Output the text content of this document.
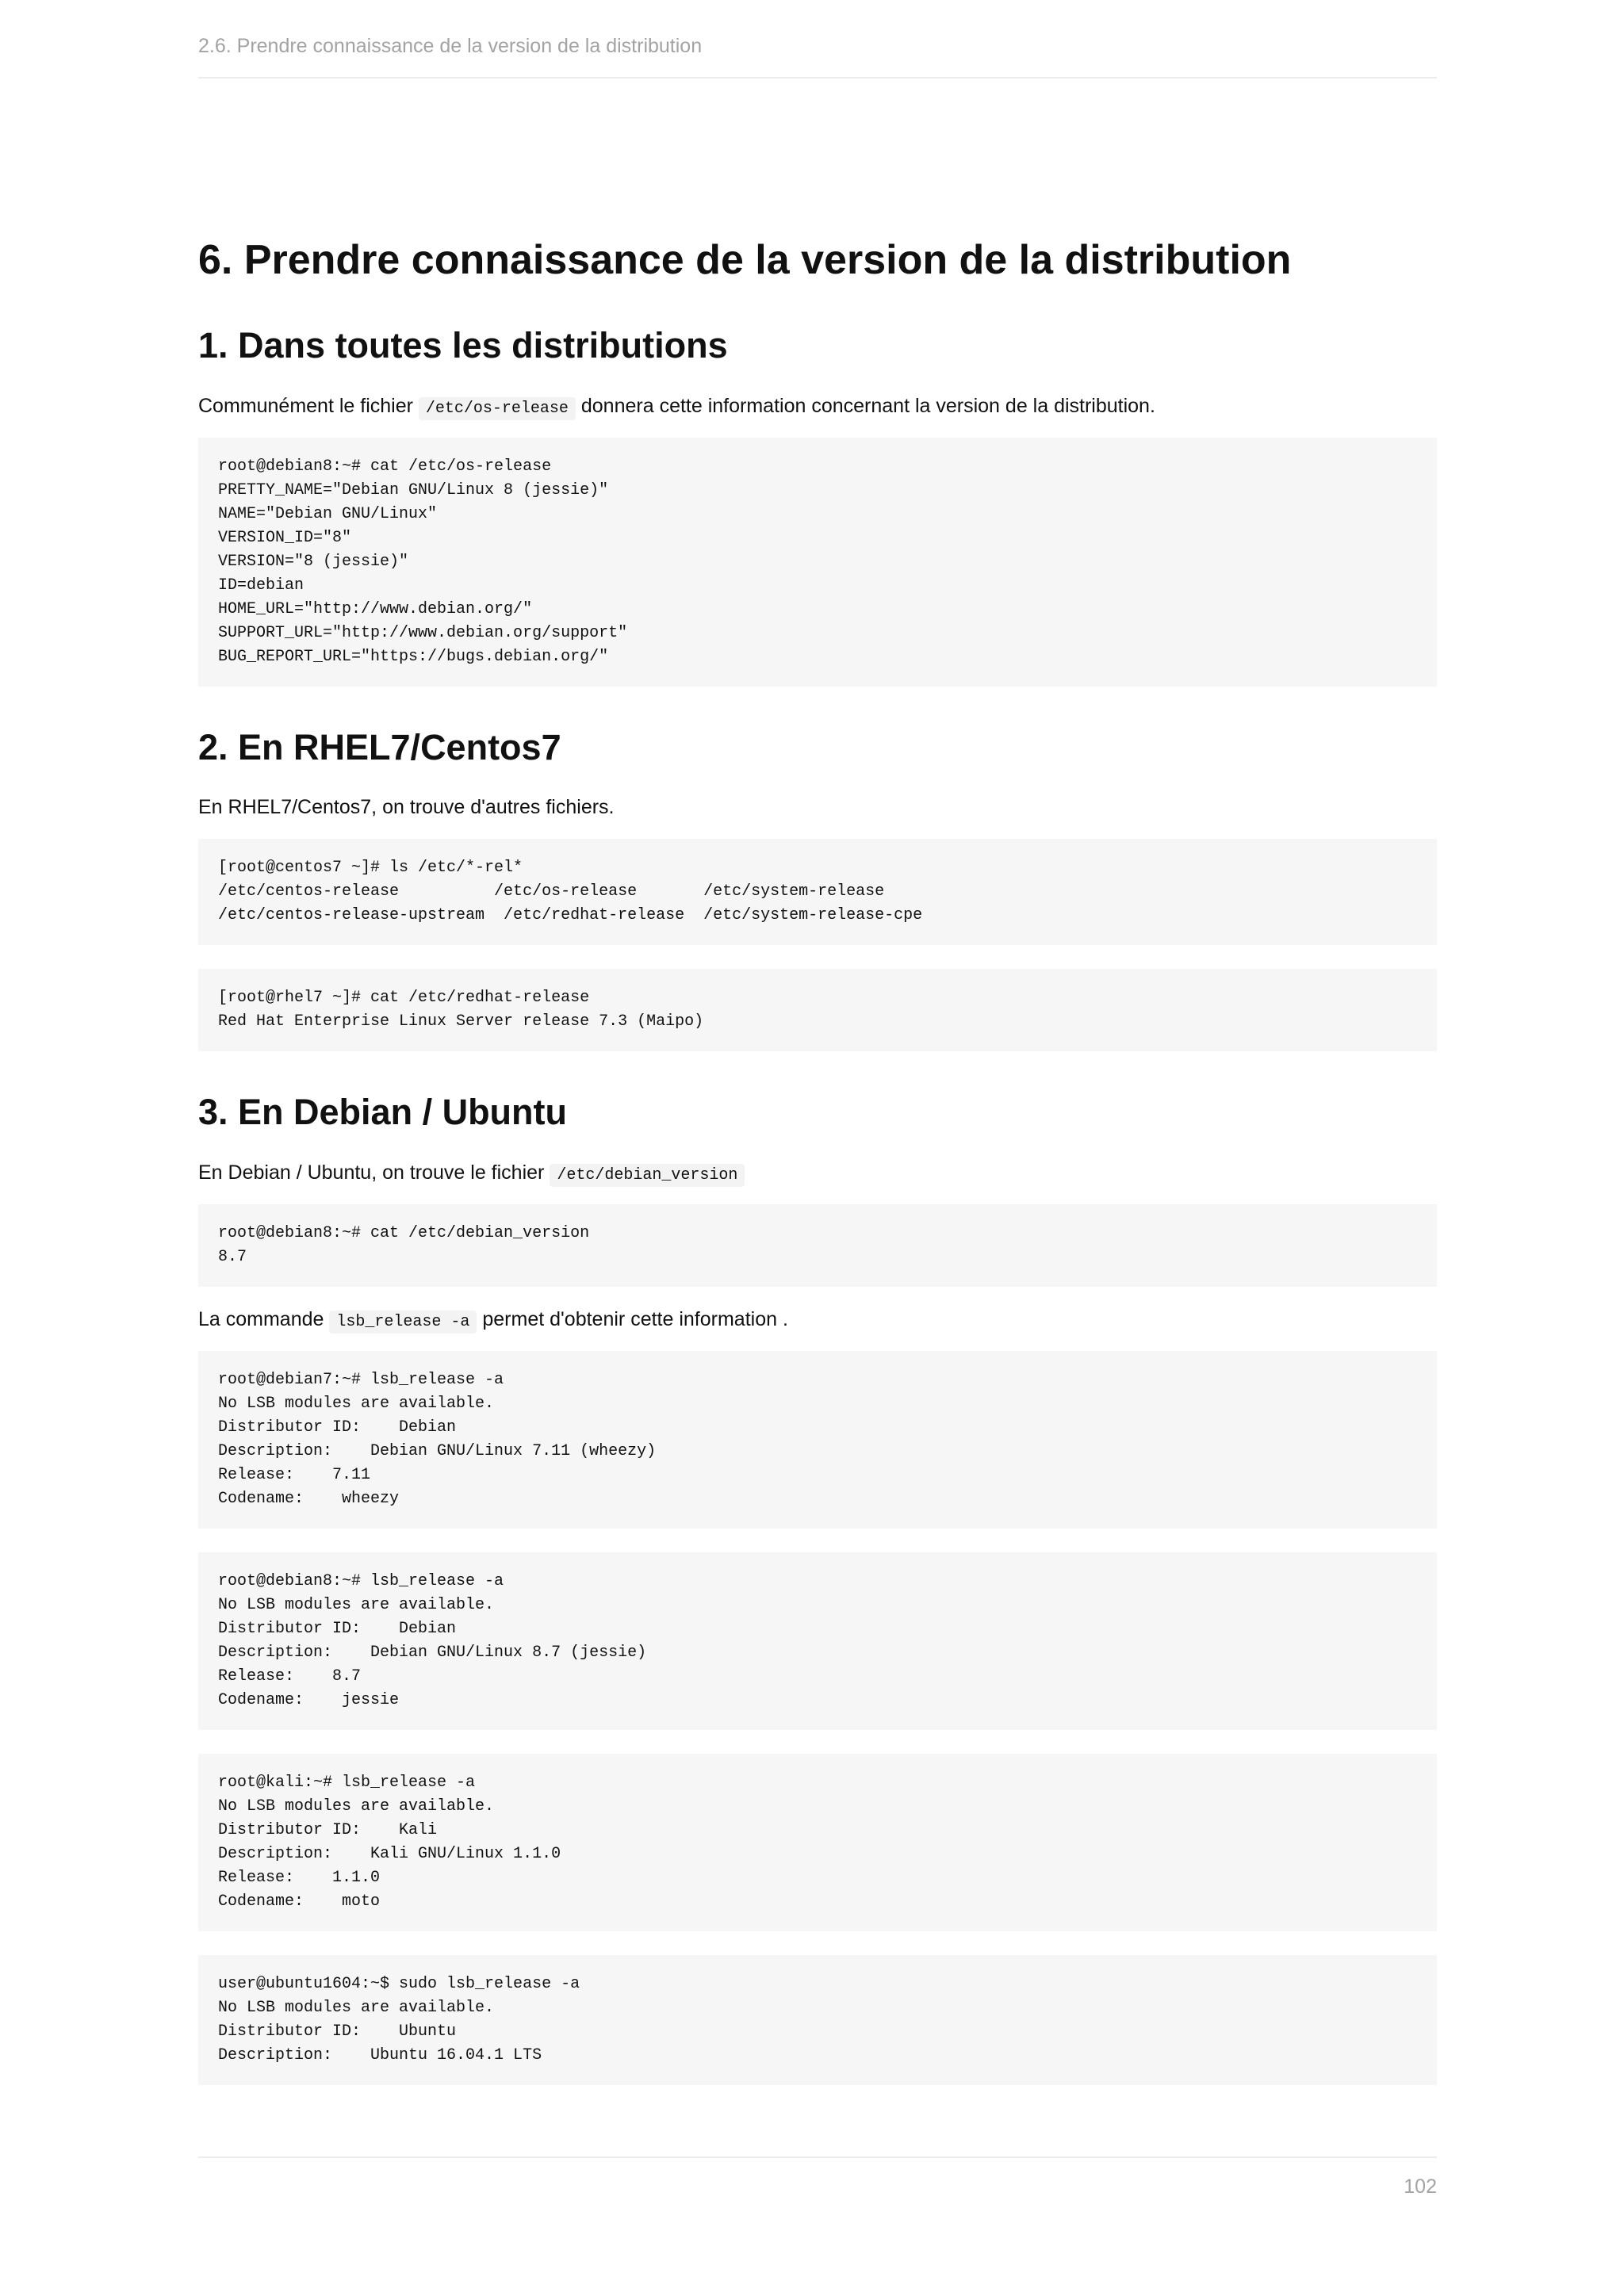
2.6. Prendre connaissance de la version de la distribution
6. Prendre connaissance de la version de la distribution
1. Dans toutes les distributions

Communément le fichier /etc/os-release donnera cette information concernant la version de la distribution.

root@debian8:~# cat /etc/os-release
PRETTY_NAME="Debian GNU/Linux 8 (jessie)"
NAME="Debian GNU/Linux"
VERSION_ID="8"
VERSION="8 (jessie)"
ID=debian
HOME_URL="http://www.debian.org/"
SUPPORT_URL="http://www.debian.org/support"
BUG_REPORT_URL="https://bugs.debian.org/"
2. En RHEL7/Centos7

En RHEL7/Centos7, on trouve d'autres fichiers.

[root@centos7 ~]# ls /etc/*-rel*
/etc/centos-release          /etc/os-release       /etc/system-release
/etc/centos-release-upstream  /etc/redhat-release  /etc/system-release-cpe
[root@rhel7 ~]# cat /etc/redhat-release
Red Hat Enterprise Linux Server release 7.3 (Maipo)
3. En Debian / Ubuntu

En Debian / Ubuntu, on trouve le fichier /etc/debian_version

root@debian8:~# cat /etc/debian_version
8.7

La commande lsb_release -a permet d'obtenir cette information .

root@debian7:~# lsb_release -a
No LSB modules are available.
Distributor ID:    Debian
Description:    Debian GNU/Linux 7.11 (wheezy)
Release:    7.11
Codename:    wheezy
root@debian8:~# lsb_release -a
No LSB modules are available.
Distributor ID:    Debian
Description:    Debian GNU/Linux 8.7 (jessie)
Release:    8.7
Codename:    jessie
root@kali:~# lsb_release -a
No LSB modules are available.
Distributor ID:    Kali
Description:    Kali GNU/Linux 1.1.0
Release:    1.1.0
Codename:    moto
user@ubuntu1604:~$ sudo lsb_release -a
No LSB modules are available.
Distributor ID:    Ubuntu
Description:    Ubuntu 16.04.1 LTS
102
